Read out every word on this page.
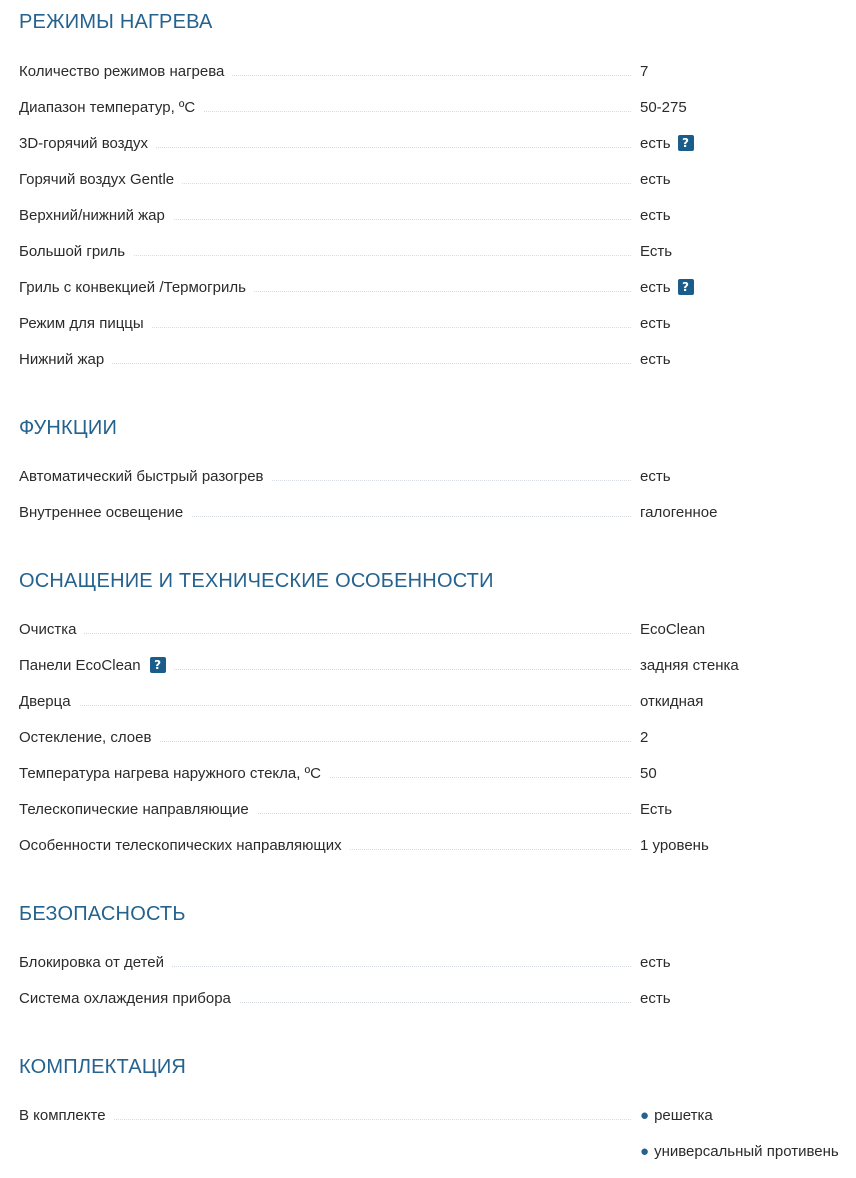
РЕЖИМЫ НАГРЕВА
Количество режимов нагрева	7
Диапазон температур, ºC	50-275
3D-горячий воздух	есть ?
Горячий воздух Gentle	есть
Верхний/нижний жар	есть
Большой гриль	Есть
Гриль с конвекцией /Термогриль	есть ?
Режим для пиццы	есть
Нижний жар	есть
ФУНКЦИИ
Автоматический быстрый разогрев	есть
Внутреннее освещение	галогенное
ОСНАЩЕНИЕ И ТЕХНИЧЕСКИЕ ОСОБЕННОСТИ
Очистка	EcoClean
Панели EcoClean ?	задняя стенка
Дверца	откидная
Остекление, слоев	2
Температура нагрева наружного стекла, ºC	50
Телескопические направляющие	Есть
Особенности телескопических направляющих	1 уровень
БЕЗОПАСНОСТЬ
Блокировка от детей	есть
Система охлаждения прибора	есть
КОМПЛЕКТАЦИЯ
В комплекте	● решетка
● универсальный противень
